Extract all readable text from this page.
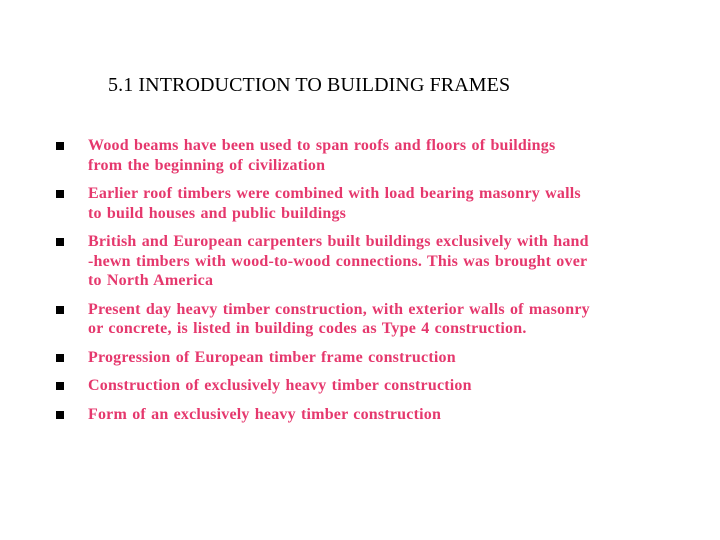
5.1 INTRODUCTION TO BUILDING FRAMES
Wood beams have been used to span roofs and floors of buildings
from the beginning of civilization
Earlier roof timbers were combined with load bearing masonry walls
to build houses and public buildings
British and European carpenters built buildings exclusively with hand
-hewn timbers with wood-to-wood connections. This was brought over
to North America
Present day heavy timber construction, with exterior walls of masonry
or concrete, is listed in building codes as Type 4 construction.
Progression of European timber frame construction
Construction of exclusively heavy timber construction
Form of an exclusively heavy timber construction
